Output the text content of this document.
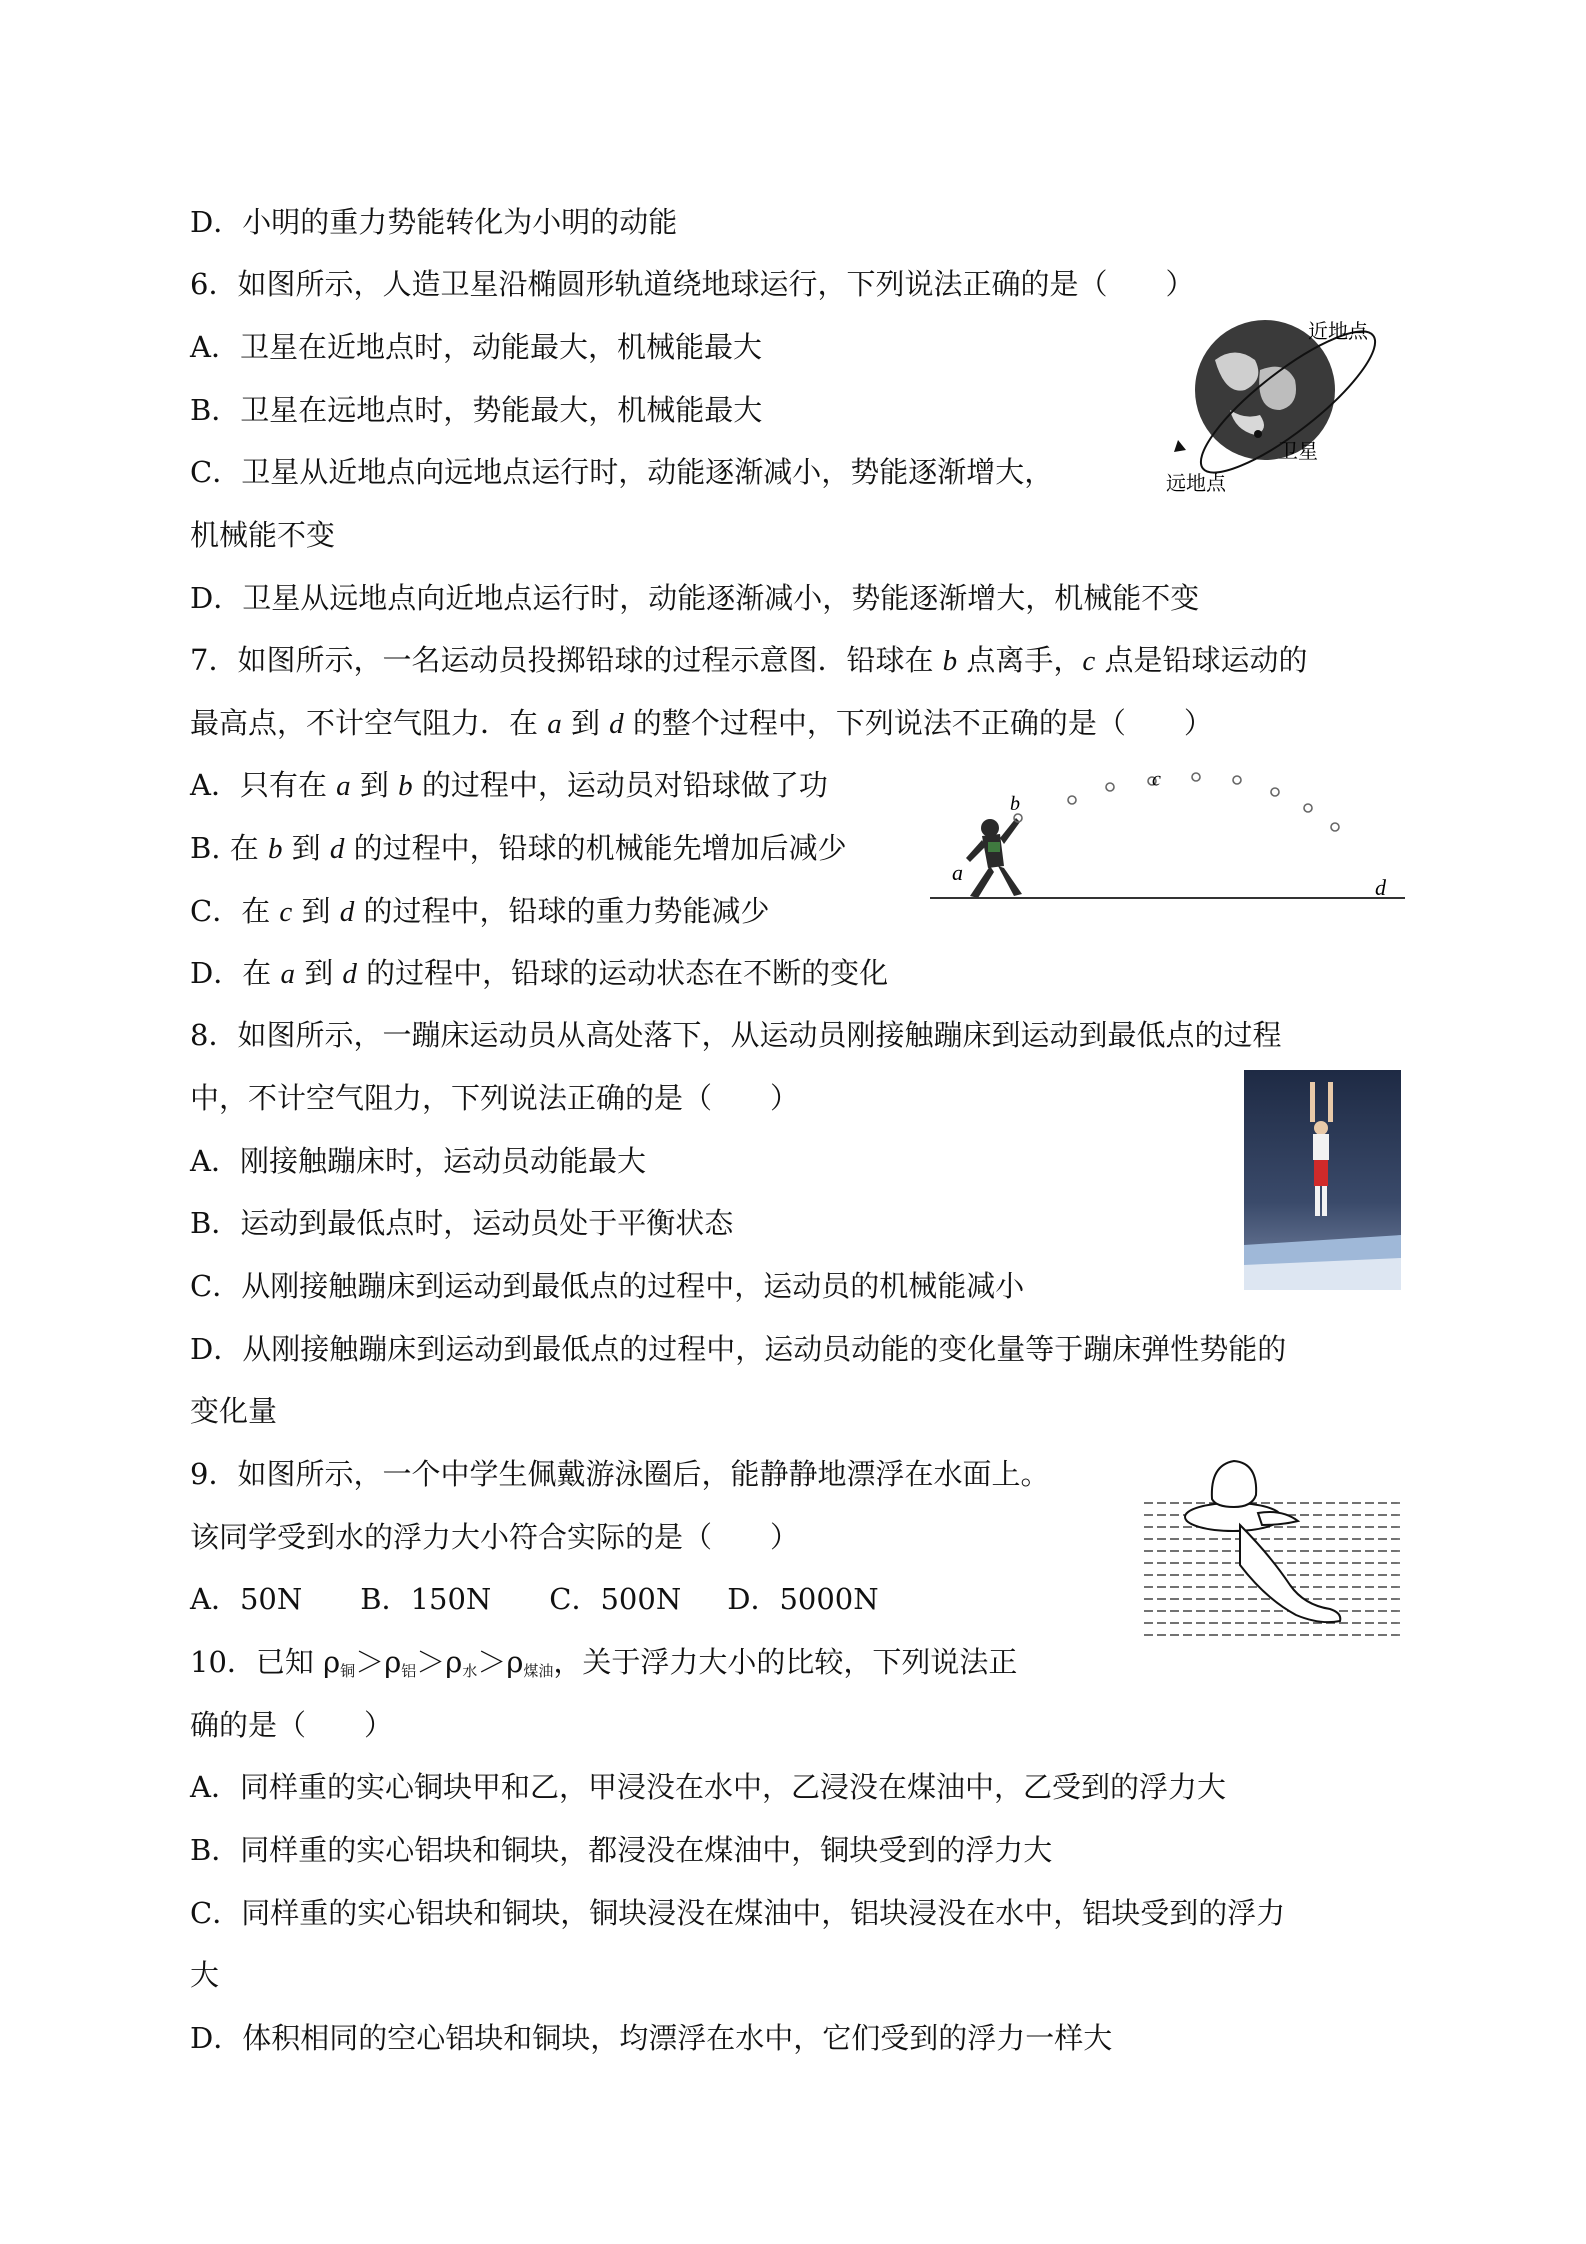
D．小明的重力势能转化为小明的动能
6．如图所示，人造卫星沿椭圆形轨道绕地球运行，下列说法正确的是（　　）
A．卫星在近地点时，动能最大，机械能最大
B．卫星在远地点时，势能最大，机械能最大
C．卫星从近地点向远地点运行时，动能逐渐减小，势能逐渐增大，
机械能不变
D．卫星从远地点向近地点运行时，动能逐渐减小，势能逐渐增大，机械能不变
近地点
卫星
远地点
7．如图所示，一名运动员投掷铅球的过程示意图．铅球在 b 点离手，c 点是铅球运动的
最高点，不计空气阻力．在 a 到 d 的整个过程中，下列说法不正确的是（　　）
A．只有在 a 到 b 的过程中，运动员对铅球做了功
B. 在 b 到 d 的过程中，铅球的机械能先增加后减少
C．在 c 到 d 的过程中，铅球的重力势能减少
D．在 a 到 d 的过程中，铅球的运动状态在不断的变化
a
b
c
d
8．如图所示，一蹦床运动员从高处落下，从运动员刚接触蹦床到运动到最低点的过程
中，不计空气阻力，下列说法正确的是（　　）
A．刚接触蹦床时，运动员动能最大
B．运动到最低点时，运动员处于平衡状态
C．从刚接触蹦床到运动到最低点的过程中，运动员的机械能减小
D．从刚接触蹦床到运动到最低点的过程中，运动员动能的变化量等于蹦床弹性势能的
变化量
9．如图所示，一个中学生佩戴游泳圈后，能静静地漂浮在水面上。
该同学受到水的浮力大小符合实际的是（　　）
A．50N B．150N C．500N D．5000N
10．已知 $\rho_铜>\rho_铝>\rho_水>\rho_{煤油}$，关于浮力大小的比较，下列说法正
确的是（　　）
A．同样重的实心铜块甲和乙，甲浸没在水中，乙浸没在煤油中，乙受到的浮力大
B．同样重的实心铝块和铜块，都浸没在煤油中，铜块受到的浮力大
C．同样重的实心铝块和铜块，铜块浸没在煤油中，铝块浸没在水中，铝块受到的浮力
大
D．体积相同的空心铝块和铜块，均漂浮在水中，它们受到的浮力一样大
